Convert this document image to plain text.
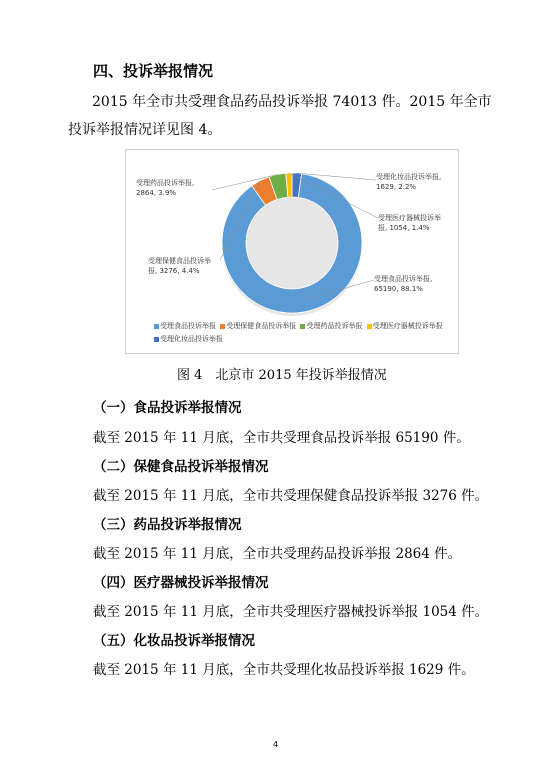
四、投诉举报情况
2015 年全市共受理食品药品投诉举报 74013 件。2015 年全市投诉举报情况详见图 4。
受理食品投诉举报, 65190, 88.1%
受理保健食品投诉举报, 3276, 4.4%
受理药品投诉举报, 2864, 3.9%
受理医疗器械投诉举报, 1054, 1.4%
受理化妆品投诉举报, 1629, 2.2%
受理食品投诉举报 受理保健食品投诉举报 受理药品投诉举报 受理医疗器械投诉举报 受理化妆品投诉举报
图 4　北京市 2015 年投诉举报情况
（一）食品投诉举报情况
截至 2015 年 11 月底，全市共受理食品投诉举报 65190 件。
（二）保健食品投诉举报情况
截至 2015 年 11 月底，全市共受理保健食品投诉举报 3276 件。
（三）药品投诉举报情况
截至 2015 年 11 月底，全市共受理药品投诉举报 2864 件。
（四）医疗器械投诉举报情况
截至 2015 年 11 月底，全市共受理医疗器械投诉举报 1054 件。
（五）化妆品投诉举报情况
截至 2015 年 11 月底，全市共受理化妆品投诉举报 1629 件。
4
